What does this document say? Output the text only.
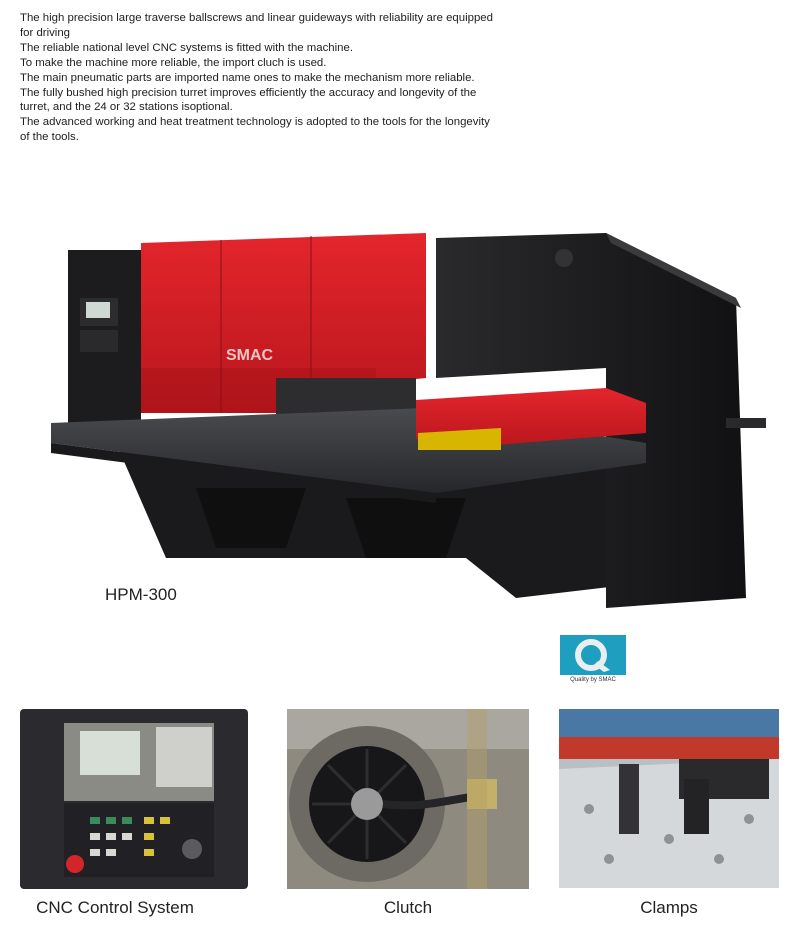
The high precision large traverse ballscrews and linear guideways with reliability are equipped for driving

The reliable national level CNC systems is fitted with the machine.

To make the machine more reliable, the import cluch is used.

The main pneumatic parts are imported name ones to make the mechanism more reliable.

The fully bushed high precision turret improves efficiently the accuracy and longevity of the turret, and the 24 or 32 stations isoptional.

The advanced working and heat treatment technology is adopted to the tools for the longevity of the tools.

SMAC
HPM-300
Quality by SMAC
CNC Control System	Clutch	Clamps
